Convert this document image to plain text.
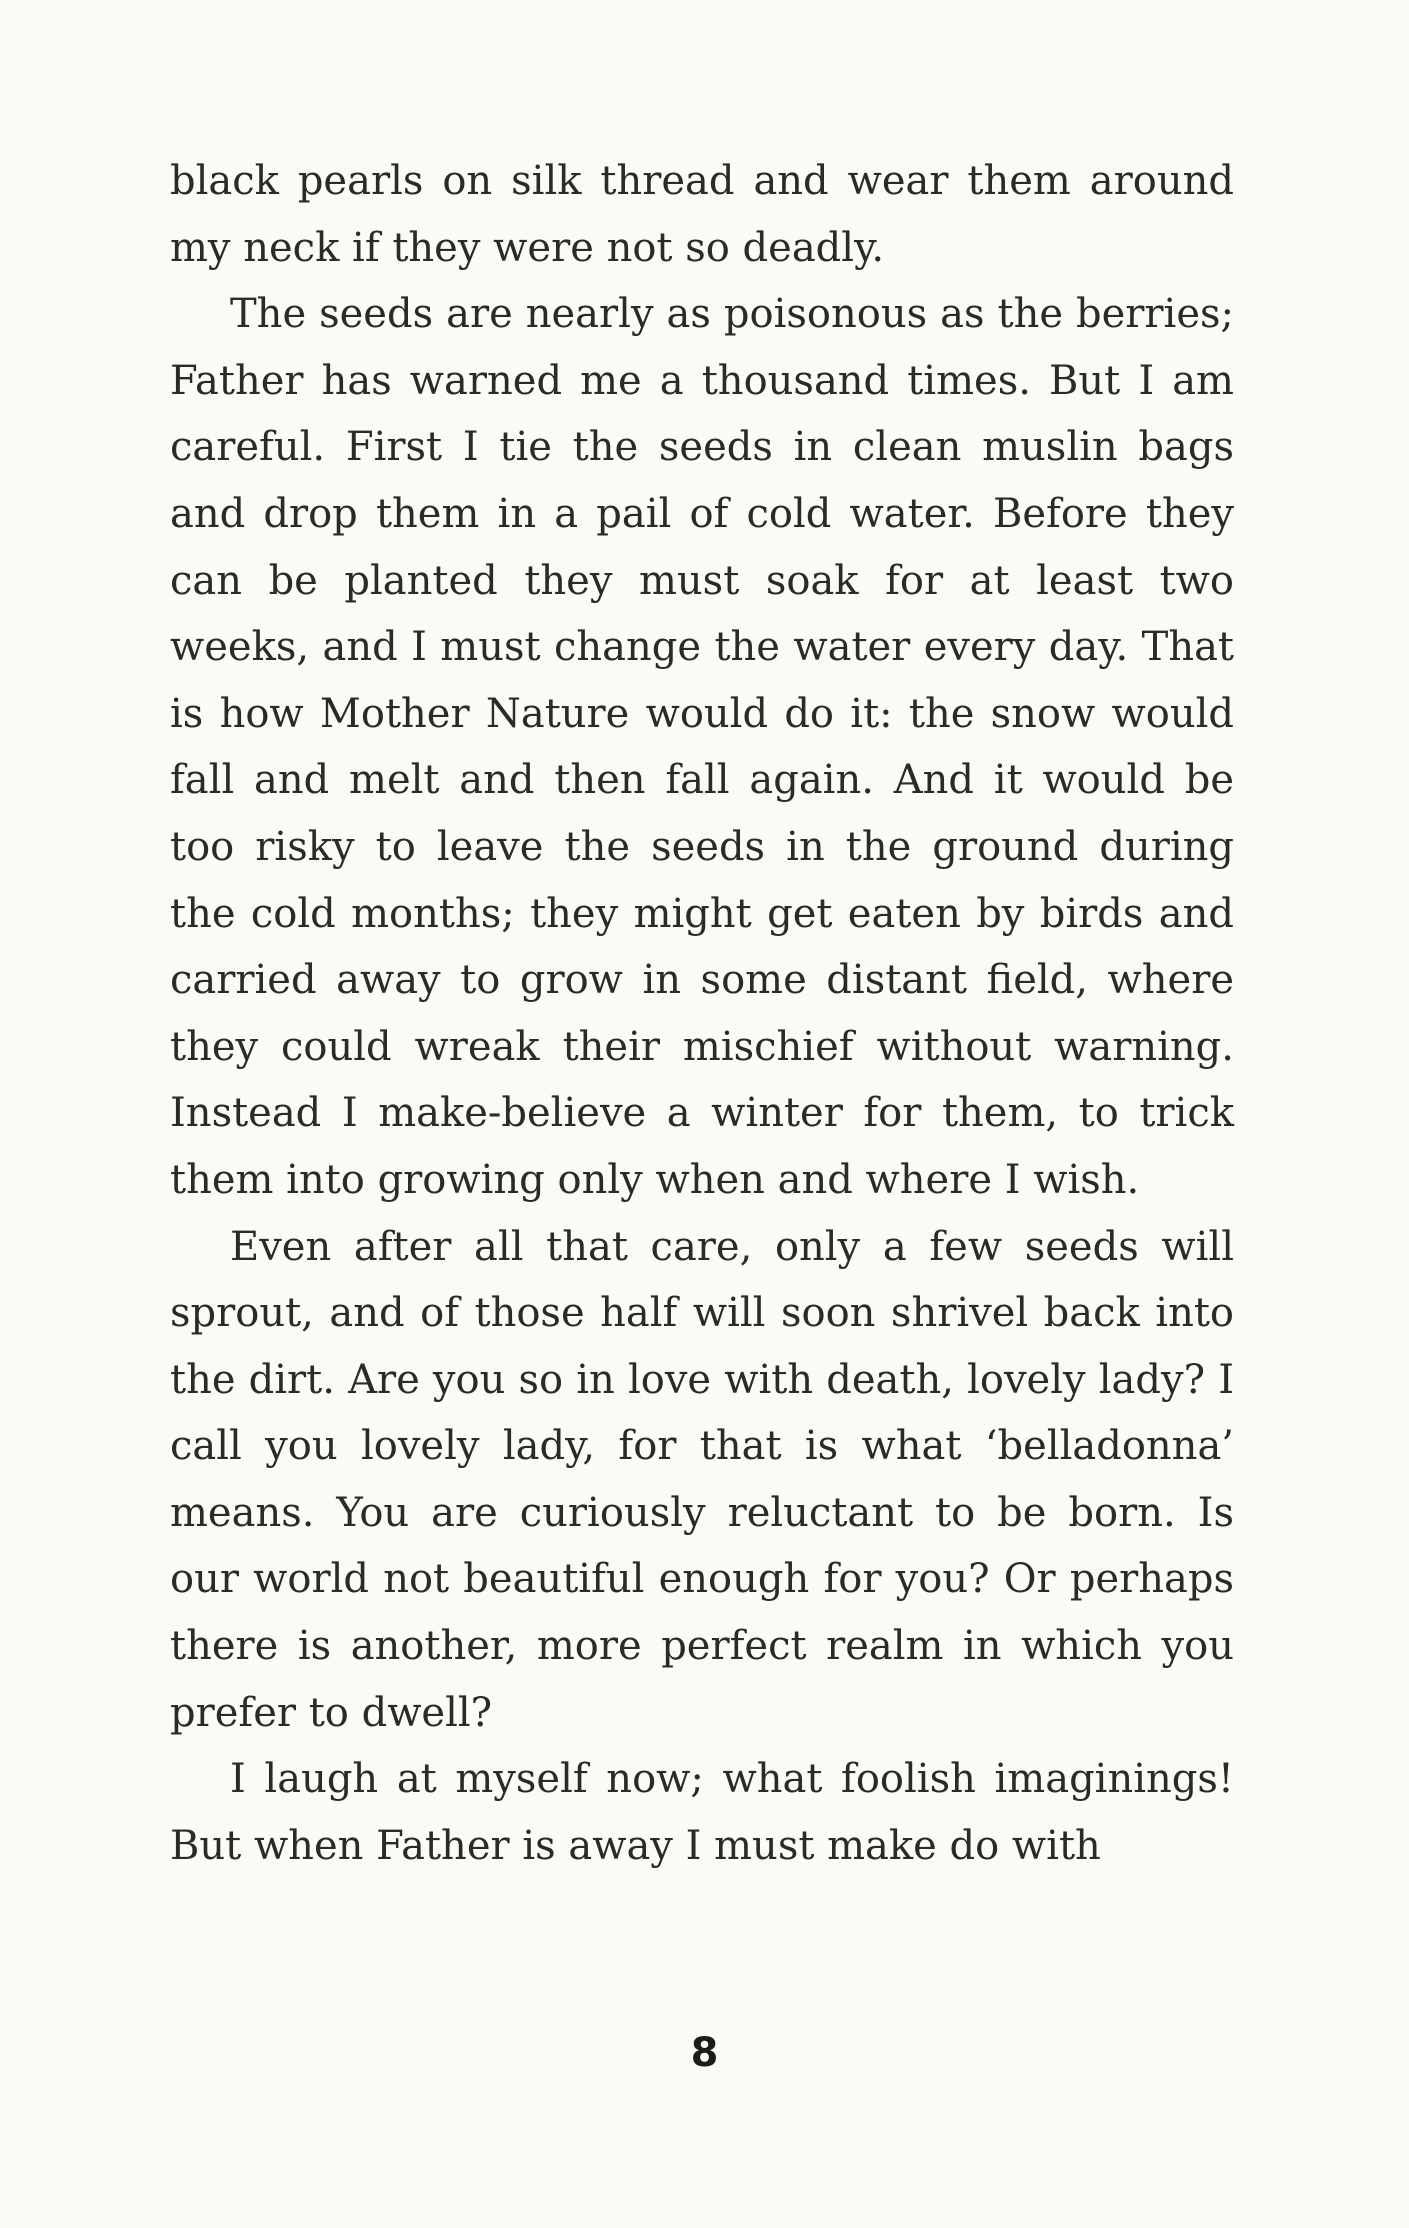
black pearls on silk thread and wear them around my neck if they were not so deadly.

The seeds are nearly as poisonous as the berries; Father has warned me a thousand times. But I am careful. First I tie the seeds in clean muslin bags and drop them in a pail of cold water. Before they can be planted they must soak for at least two weeks, and I must change the water every day. That is how Mother Nature would do it: the snow would fall and melt and then fall again. And it would be too risky to leave the seeds in the ground during the cold months; they might get eaten by birds and carried away to grow in some distant field, where they could wreak their mischief without warning. Instead I make-believe a winter for them, to trick them into growing only when and where I wish.

Even after all that care, only a few seeds will sprout, and of those half will soon shrivel back into the dirt. Are you so in love with death, lovely lady? I call you lovely lady, for that is what ‘belladonna’ means. You are curiously reluctant to be born. Is our world not beautiful enough for you? Or perhaps there is another, more perfect realm in which you prefer to dwell?

I laugh at myself now; what foolish imaginings! But when Father is away I must make do with

8
